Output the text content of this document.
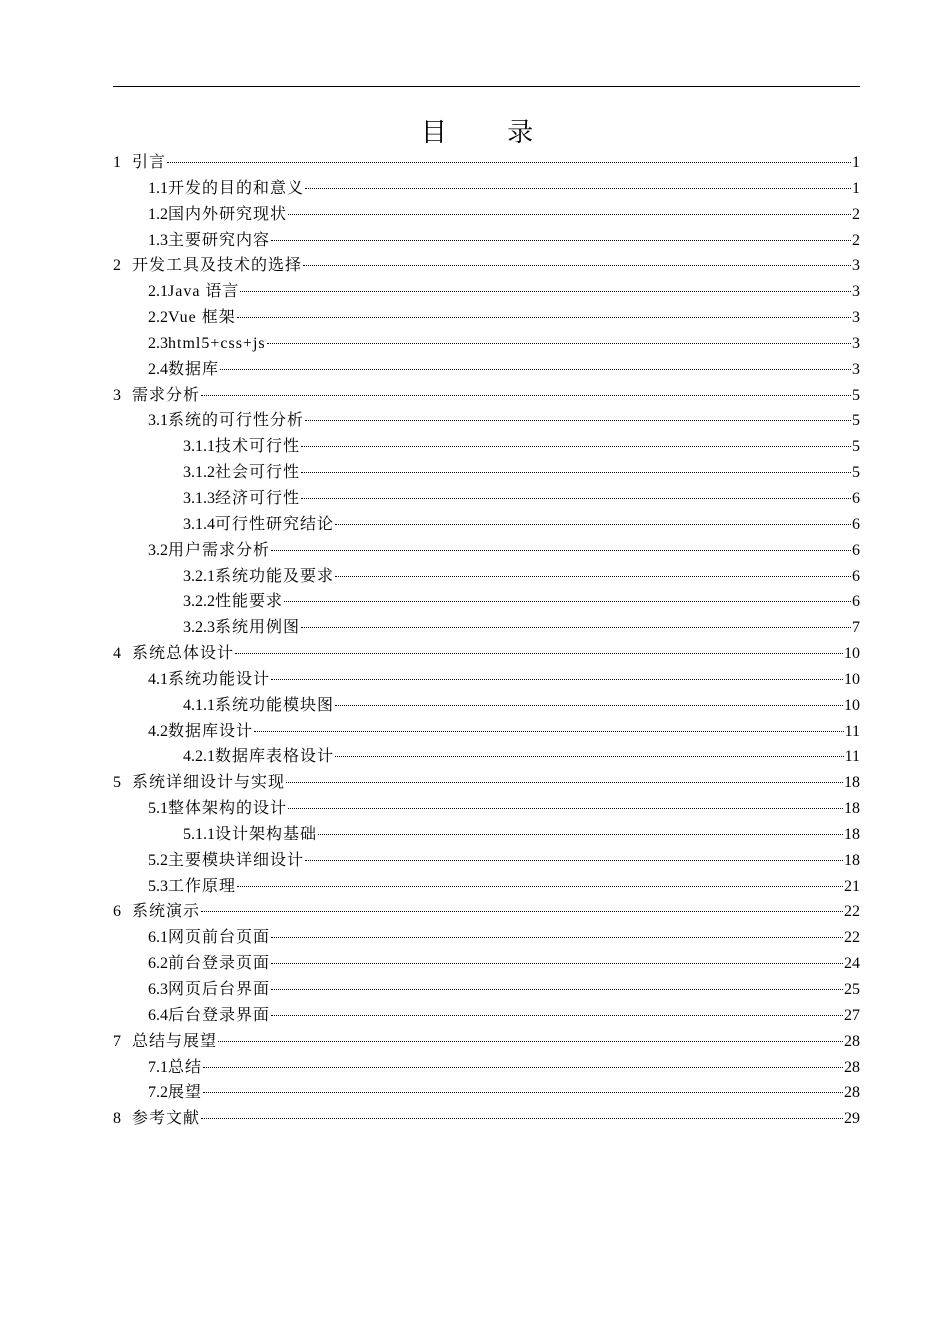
目 录
1 引言	1
1.1 开发的目的和意义	1
1.2 国内外研究现状	2
1.3 主要研究内容	2
2 开发工具及技术的选择	3
2.1 Java 语言	3
2.2 Vue 框架	3
2.3 html5+css+js	3
2.4 数据库	3
3 需求分析	5
3.1 系统的可行性分析	5
3.1.1 技术可行性	5
3.1.2 社会可行性	5
3.1.3 经济可行性	6
3.1.4 可行性研究结论	6
3.2 用户需求分析	6
3.2.1 系统功能及要求	6
3.2.2 性能要求	6
3.2.3 系统用例图	7
4 系统总体设计	10
4.1 系统功能设计	10
4.1.1 系统功能模块图	10
4.2 数据库设计	11
4.2.1 数据库表格设计	11
5 系统详细设计与实现	18
5.1 整体架构的设计	18
5.1.1 设计架构基础	18
5.2 主要模块详细设计	18
5.3 工作原理	21
6 系统演示	22
6.1 网页前台页面	22
6.2 前台登录页面	24
6.3 网页后台界面	25
6.4 后台登录界面	27
7 总结与展望	28
7.1 总结	28
7.2 展望	28
8 参考文献	29
